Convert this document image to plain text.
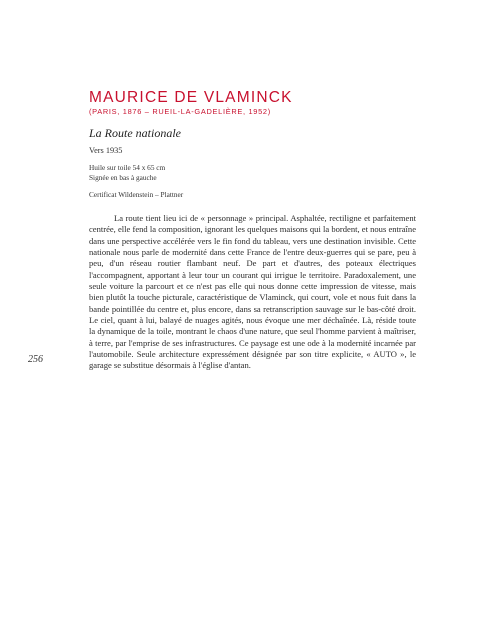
MAURICE DE VLAMINCK
(PARIS, 1876 – RUEIL-LA-GADELIÈRE, 1952)
La Route nationale
Vers 1935
Huile sur toile 54 x 65 cm
Signée en bas à gauche
Certificat Wildenstein – Plattner

La route tient lieu ici de « personnage » principal. Asphaltée, rectiligne et parfaitement centrée, elle fend la composition, ignorant les quelques maisons qui la bordent, et nous entraîne dans une perspective accélérée vers le fin fond du tableau, vers une destination invisible. Cette nationale nous parle de modernité dans cette France de l'entre deux-guerres qui se pare, peu à peu, d'un réseau routier flambant neuf. De part et d'autres, des poteaux électriques l'accompagnent, apportant à leur tour un courant qui irrigue le territoire. Paradoxalement, une seule voiture la parcourt et ce n'est pas elle qui nous donne cette impression de vitesse, mais bien plutôt la touche picturale, caractéristique de Vlaminck, qui court, vole et nous fuit dans la bande pointillée du centre et, plus encore, dans sa retranscription sauvage sur le bas-côté droit. Le ciel, quant à lui, balayé de nuages agités, nous évoque une mer déchaînée. Là, réside toute la dynamique de la toile, montrant le chaos d'une nature, que seul l'homme parvient à maîtriser, à terre, par l'emprise de ses infrastructures. Ce paysage est une ode à la modernité incarnée par l'automobile. Seule architecture expressément désignée par son titre explicite, « AUTO », le garage se substitue désormais à l'église d'antan.

256
